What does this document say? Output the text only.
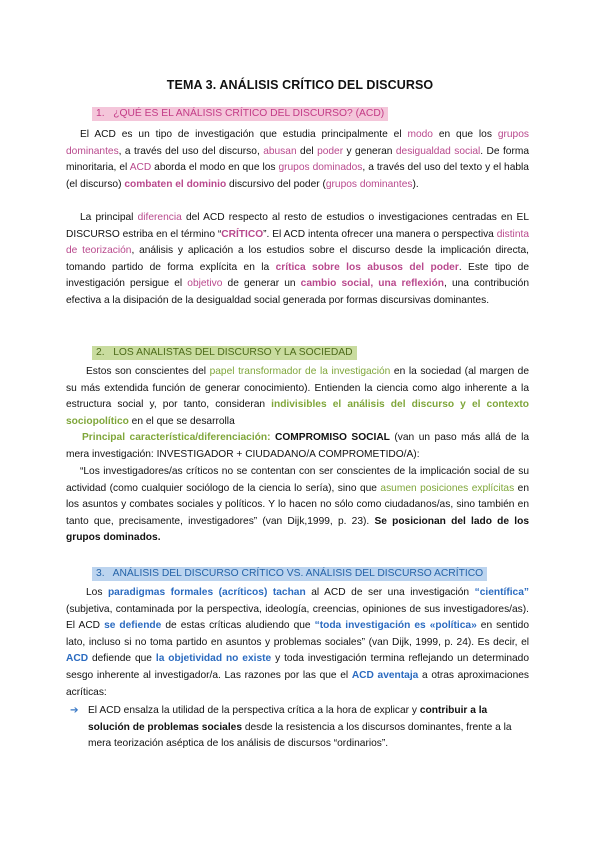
TEMA 3. ANÁLISIS CRÍTICO DEL DISCURSO
1. ¿QUÉ ES EL ANÁLISIS CRÍTICO DEL DISCURSO? (ACD)
El ACD es un tipo de investigación que estudia principalmente el modo en que los grupos dominantes, a través del uso del discurso, abusan del poder y generan desigualdad social. De forma minoritaria, el ACD aborda el modo en que los grupos dominados, a través del uso del texto y el habla (el discurso) combaten el dominio discursivo del poder (grupos dominantes).
La principal diferencia del ACD respecto al resto de estudios o investigaciones centradas en EL DISCURSO estriba en el término “CRÍTICO”. El ACD intenta ofrecer una manera o perspectiva distinta de teorización, análisis y aplicación a los estudios sobre el discurso desde la implicación directa, tomando partido de forma explícita en la crítica sobre los abusos del poder. Este tipo de investigación persigue el objetivo de generar un cambio social, una reflexión, una contribución efectiva a la disipación de la desigualdad social generada por formas discursivas dominantes.
2. LOS ANALISTAS DEL DISCURSO Y LA SOCIEDAD
Estos son conscientes del papel transformador de la investigación en la sociedad (al margen de su más extendida función de generar conocimiento). Entienden la ciencia como algo inherente a la estructura social y, por tanto, consideran indivisibles el análisis del discurso y el contexto sociopolítico en el que se desarrolla
Principal característica/diferenciación: COMPROMISO SOCIAL (van un paso más allá de la mera investigación: INVESTIGADOR + CIUDADANO/A COMPROMETIDO/A):
“Los investigadores/as críticos no se contentan con ser conscientes de la implicación social de su actividad (como cualquier sociólogo de la ciencia lo sería), sino que asumen posiciones explícitas en los asuntos y combates sociales y políticos. Y lo hacen no sólo como ciudadanos/as, sino también en tanto que, precisamente, investigadores” (van Dijk,1999, p. 23). Se posicionan del lado de los grupos dominados.
3. ANÁLISIS DEL DISCURSO CRÍTICO VS. ANÁLISIS DEL DISCURSO ACRÍTICO
Los paradigmas formales (acríticos) tachan al ACD de ser una investigación “científica” (subjetiva, contaminada por la perspectiva, ideología, creencias, opiniones de sus investigadores/as). El ACD se defiende de estas críticas aludiendo que “toda investigación es «política» en sentido lato, incluso si no toma partido en asuntos y problemas sociales” (van Dijk, 1999, p. 24). Es decir, el ACD defiende que la objetividad no existe y toda investigación termina reflejando un determinado sesgo inherente al investigador/a. Las razones por las que el ACD aventaja a otras aproximaciones acríticas:
➔ El ACD ensalza la utilidad de la perspectiva crítica a la hora de explicar y contribuir a la solución de problemas sociales desde la resistencia a los discursos dominantes, frente a la mera teorización aséptica de los análisis de discursos “ordinarios”.
